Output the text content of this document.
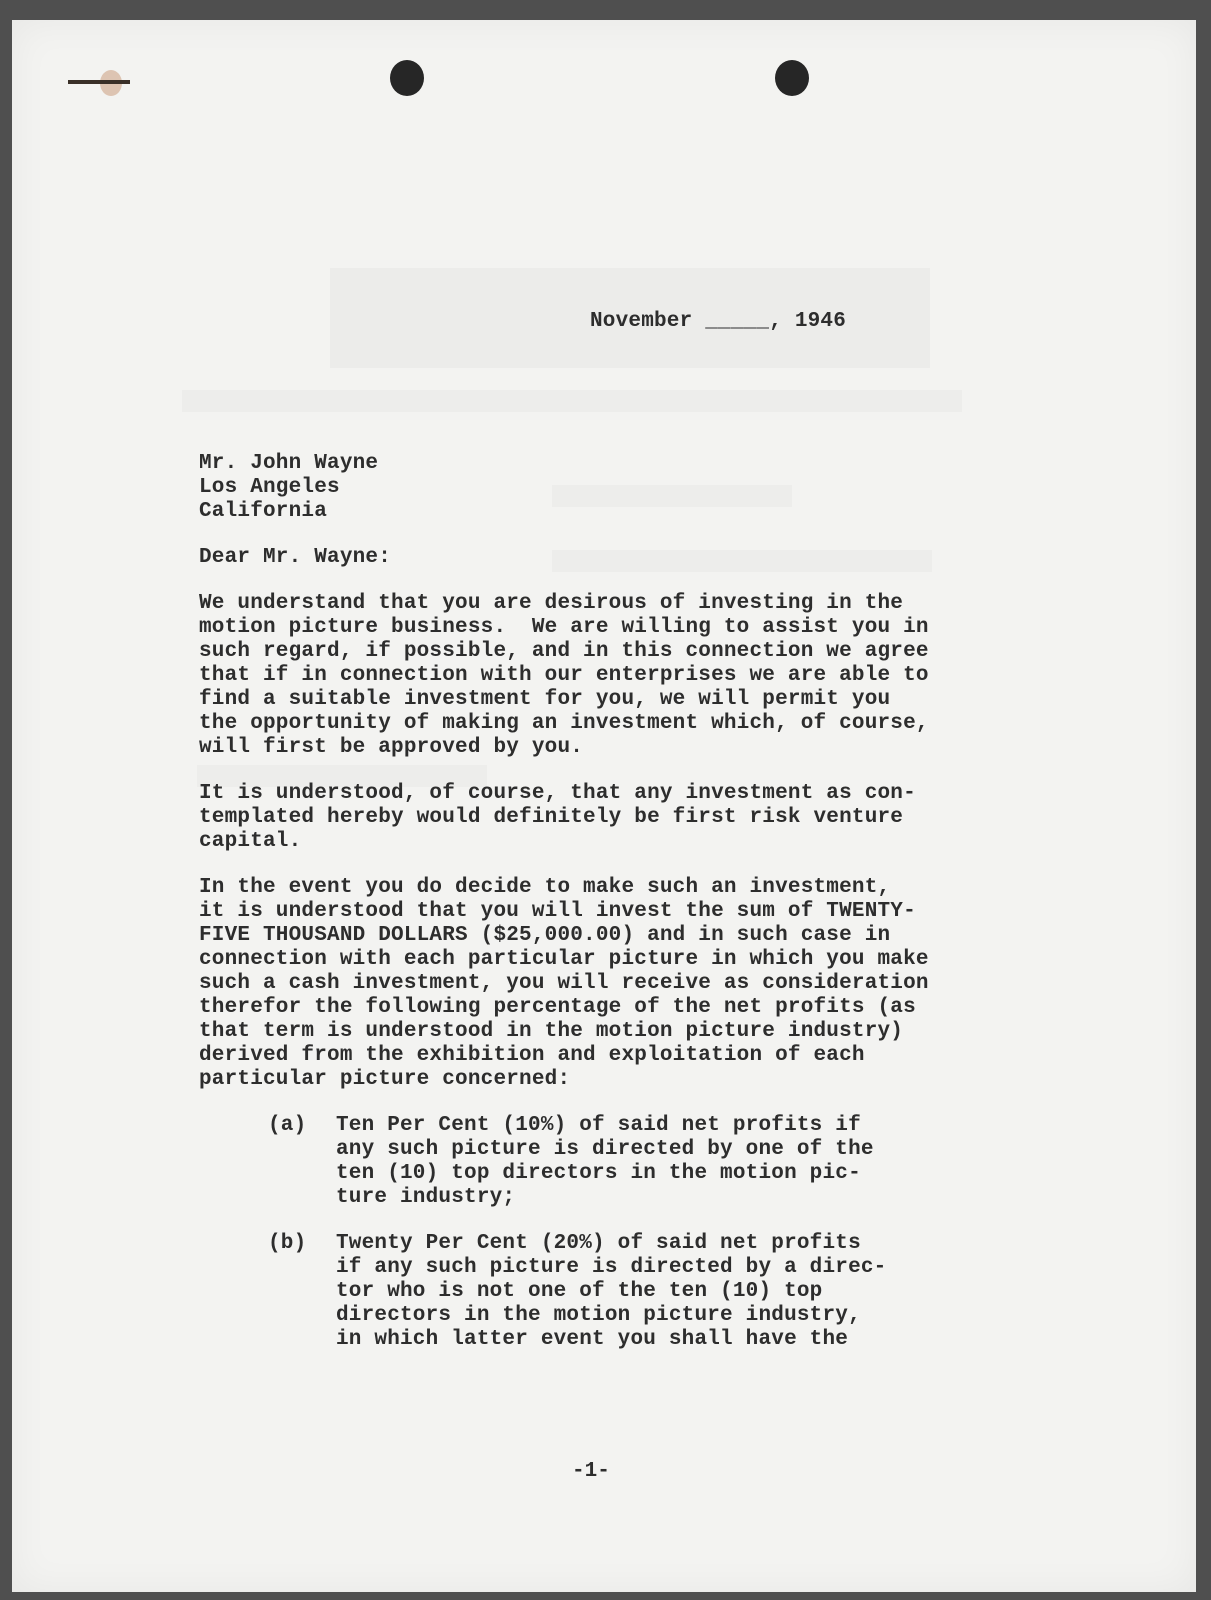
November _____, 1946
Mr. John Wayne
Los Angeles
California
Dear Mr. Wayne:
We understand that you are desirous of investing in the
motion picture business.  We are willing to assist you in
such regard, if possible, and in this connection we agree
that if in connection with our enterprises we are able to
find a suitable investment for you, we will permit you
the opportunity of making an investment which, of course,
will first be approved by you.
It is understood, of course, that any investment as con-
templated hereby would definitely be first risk venture
capital.
In the event you do decide to make such an investment,
it is understood that you will invest the sum of TWENTY-
FIVE THOUSAND DOLLARS ($25,000.00) and in such case in
connection with each particular picture in which you make
such a cash investment, you will receive as consideration
therefor the following percentage of the net profits (as
that term is understood in the motion picture industry)
derived from the exhibition and exploitation of each
particular picture concerned:
(a) Ten Per Cent (10%) of said net profits if
any such picture is directed by one of the
ten (10) top directors in the motion pic-
ture industry;
(b) Twenty Per Cent (20%) of said net profits
if any such picture is directed by a direc-
tor who is not one of the ten (10) top
directors in the motion picture industry,
in which latter event you shall have the
-1-
